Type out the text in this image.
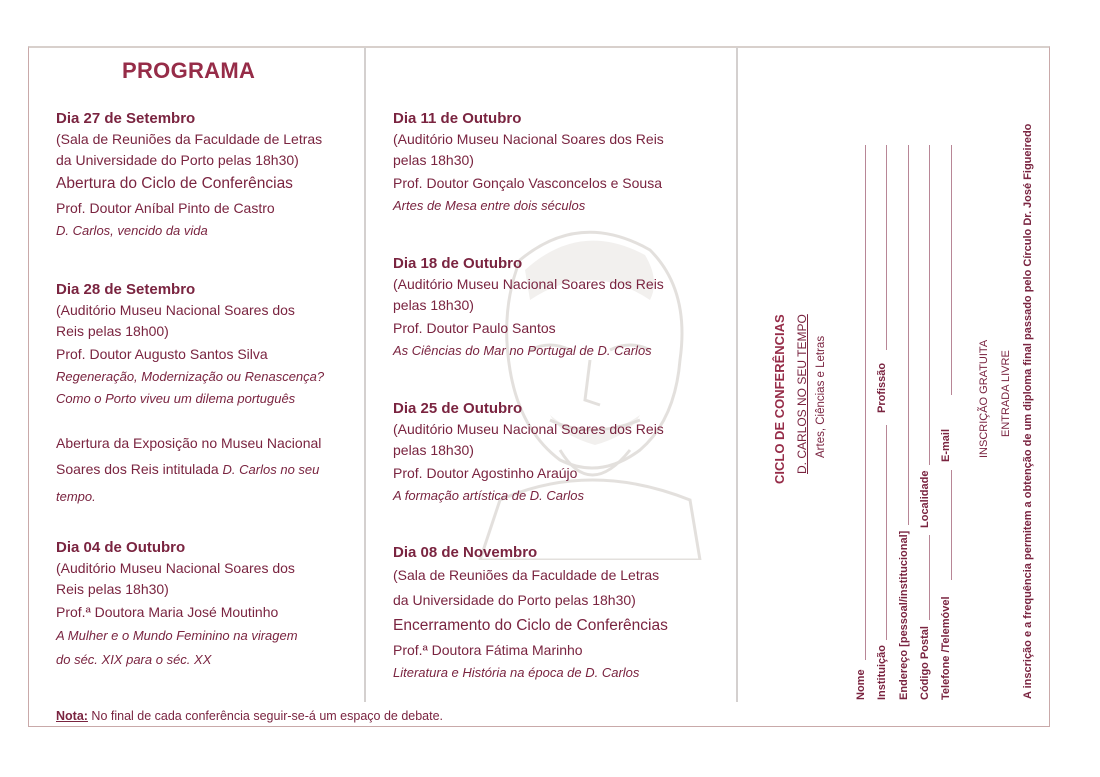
PROGRAMA
Dia 27 de Setembro
(Sala de Reuniões da Faculdade de Letras
da Universidade do Porto pelas 18h30)
Abertura do Ciclo de Conferências
Prof. Doutor Aníbal Pinto de Castro
D. Carlos, vencido da vida
Dia 28 de Setembro
(Auditório Museu Nacional Soares dos
Reis pelas 18h00)
Prof. Doutor Augusto Santos Silva
Regeneração, Modernização ou Renascença?
Como o Porto viveu um dilema português
Abertura da Exposição no Museu Nacional
Soares dos Reis intitulada D. Carlos no seu
tempo.
Dia 04 de Outubro
(Auditório Museu Nacional Soares dos
Reis pelas 18h30)
Prof.ª Doutora Maria José Moutinho
A Mulher e o Mundo Feminino na viragem
do séc. XIX para o séc. XX
Dia 11 de Outubro
(Auditório Museu Nacional Soares dos Reis
pelas 18h30)
Prof. Doutor Gonçalo Vasconcelos e Sousa
Artes de Mesa entre dois séculos
Dia 18 de Outubro
(Auditório Museu Nacional Soares dos Reis
pelas 18h30)
Prof. Doutor Paulo Santos
As Ciências do Mar no Portugal de D. Carlos
Dia 25 de Outubro
(Auditório Museu Nacional Soares dos Reis
pelas 18h30)
Prof. Doutor Agostinho Araújo
A formação artística de D. Carlos
Dia 08 de Novembro
(Sala de Reuniões da Faculdade de Letras
da Universidade do Porto pelas 18h30)
Encerramento do Ciclo de Conferências
Prof.ª Doutora Fátima Marinho
Literatura e História na época de D. Carlos
Nota: No final de cada conferência seguir-se-á um espaço de debate.
CICLO DE CONFERÊNCIAS D. CARLOS NO SEU TEMPO Artes, Ciências e Letras
Nome Instituição
Profissão
Endereço [pessoal/institucional] Código Postal
Localidade
Telefone /Telemóvel
E-mail INSCRIÇÃO GRATUITA ENTRADA LIVRE A inscrição e a frequência permitem a obtenção de um diploma final passado pelo Círculo Dr. José Figueiredo
